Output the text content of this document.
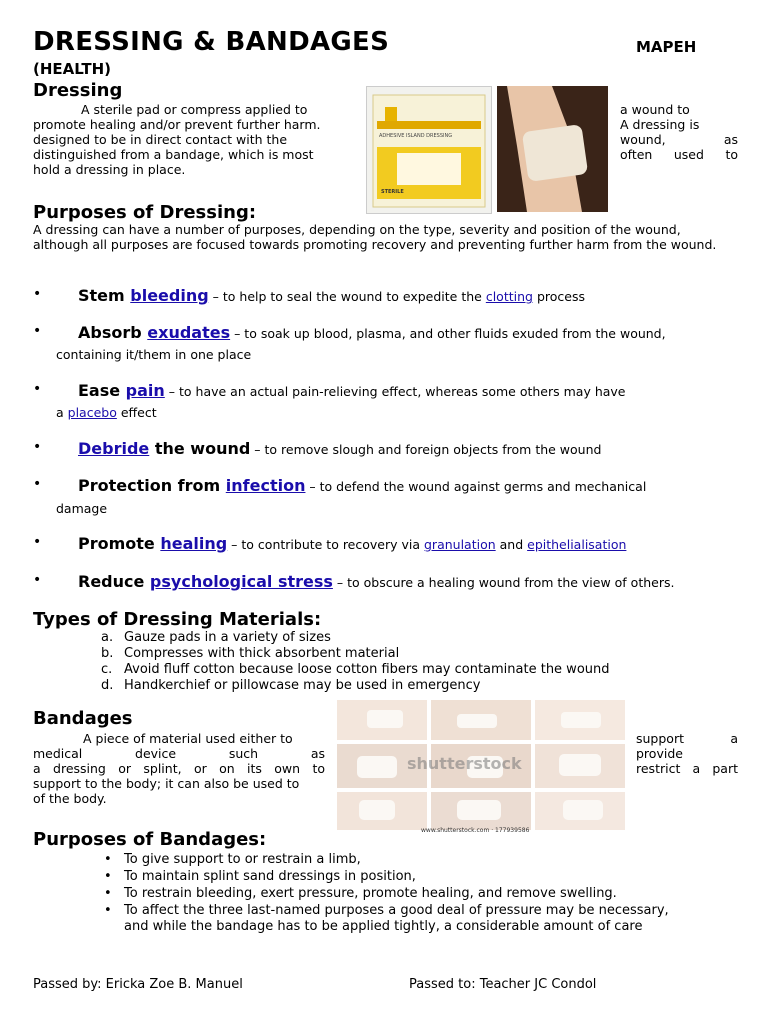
DRESSING & BANDAGES	MAPEH
(HEALTH)
Dressing
A sterile pad or compress applied to
promote healing and/or prevent further harm.
designed to be in direct contact with the
distinguished from a bandage, which is most
hold a dressing in place.
a wound to
A dressing is
wound, as
often used to
ADHESIVE ISLAND DRESSING
STERILE
Purposes of Dressing:
A dressing can have a number of purposes, depending on the type, severity and position of the wound, although all purposes are focused towards promoting recovery and preventing further harm from the wound.
• Stem bleeding – to help to seal the wound to expedite the clotting process
• Absorb exudates – to soak up blood, plasma, and other fluids exuded from the wound,
containing it/them in one place
• Ease pain – to have an actual pain-relieving effect, whereas some others may have
a placebo effect
• Debride the wound – to remove slough and foreign objects from the wound
• Protection from infection – to defend the wound against germs and mechanical
damage
• Promote healing – to contribute to recovery via granulation and epithelialisation
• Reduce psychological stress – to obscure a healing wound from the view of others.
Types of Dressing Materials:
a. Gauze pads in a variety of sizes
b. Compresses with thick absorbent material
c. Avoid fluff cotton because loose cotton fibers may contaminate the wound
d. Handkerchief or pillowcase may be used in emergency
Bandages
A piece of material used either to
medical device such as
a dressing or splint, or on its own to
support to the body; it can also be used to
of the body.
support a
provide
restrict a part
shutterstock
www.shutterstock.com · 177939586
Purposes of Bandages:
• To give support to or restrain a limb,
• To maintain splint sand dressings in position,
• To restrain bleeding, exert pressure, promote healing, and remove swelling.
• To affect the three last-named purposes a good deal of pressure may be necessary,
and while the bandage has to be applied tightly, a considerable amount of care
Passed by: Ericka Zoe B. Manuel	Passed to: Teacher JC Condol
